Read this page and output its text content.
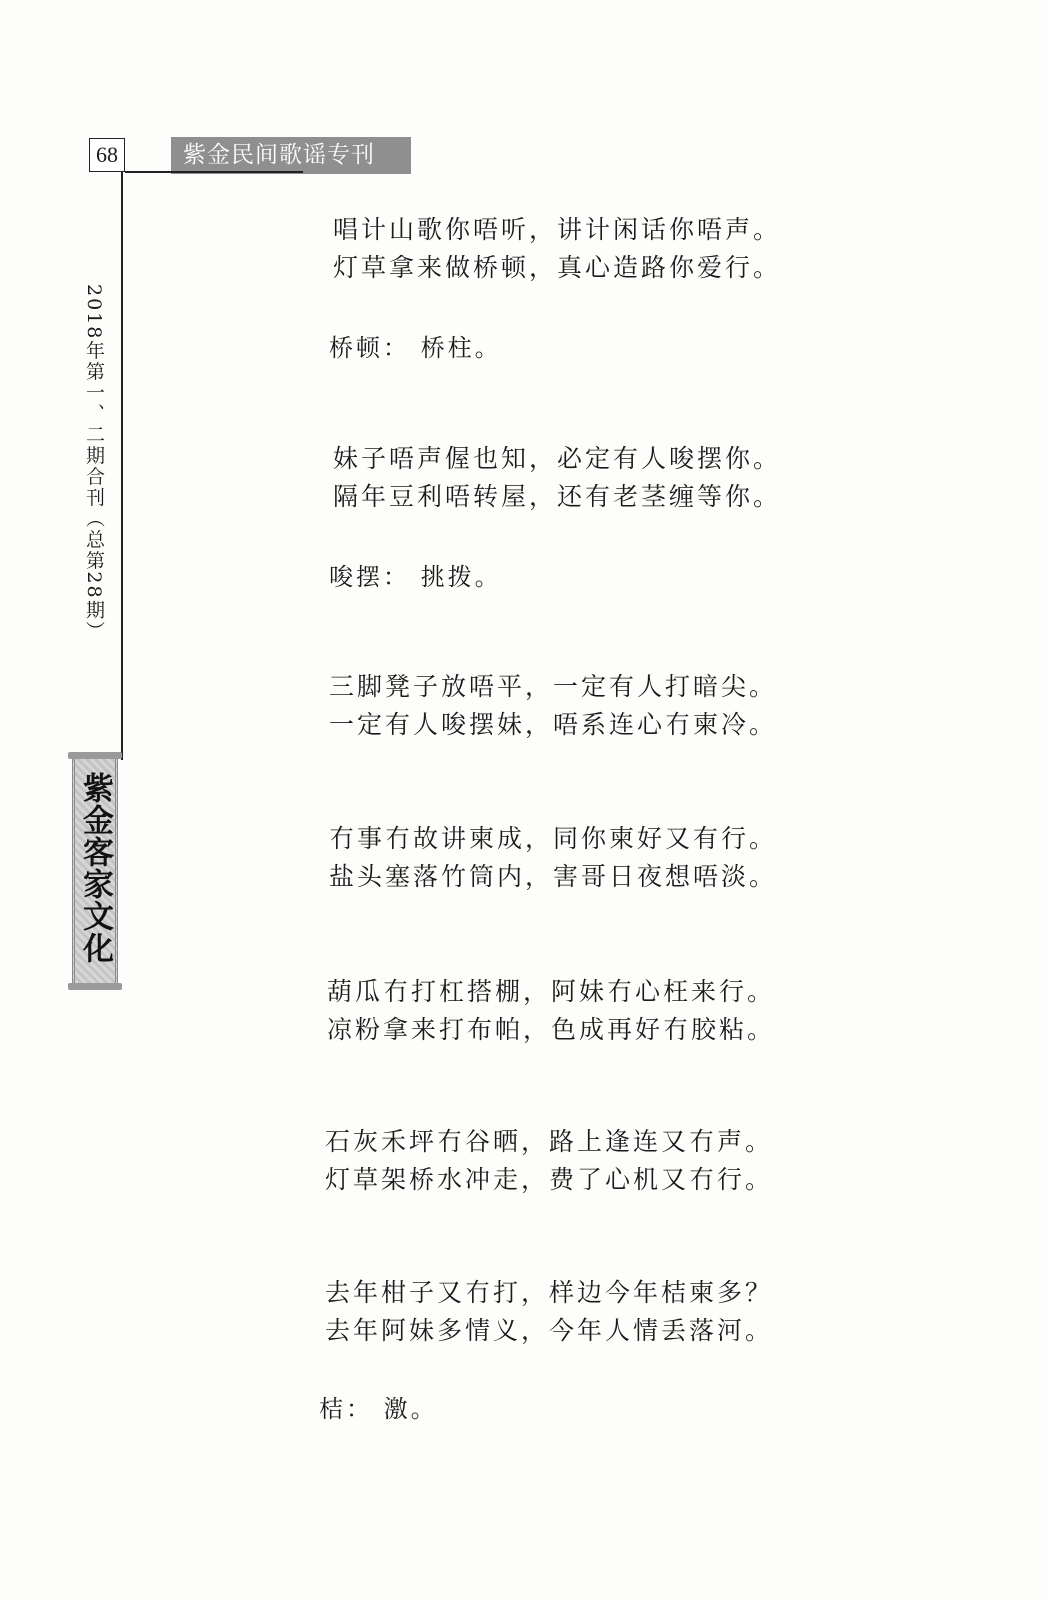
68	紫金民间歌谣专刊
2018年第一、二期合刊（总第28期）
紫金客家文化
唱计山歌你唔听，讲计闲话你唔声。
灯草拿来做桥顿，真心造路你爱行。
桥顿： 桥柱。
妹子唔声偓也知，必定有人唆摆你。
隔年豆利唔转屋，还有老茎缠等你。
唆摆： 挑拨。
三脚凳子放唔平，一定有人打暗尖。
一定有人唆摆妹，唔系连心冇柬冷。
冇事冇故讲柬成，同你柬好又有行。
盐头塞落竹筒内，害哥日夜想唔淡。
葫瓜冇打杠搭棚，阿妹冇心枉来行。
凉粉拿来打布帕，色成再好冇胶粘。
石灰禾坪冇谷晒，路上逢连又冇声。
灯草架桥水冲走，费了心机又冇行。
去年柑子又冇打，样边今年桔柬多？
去年阿妹多情义，今年人情丢落河。
桔： 激。
